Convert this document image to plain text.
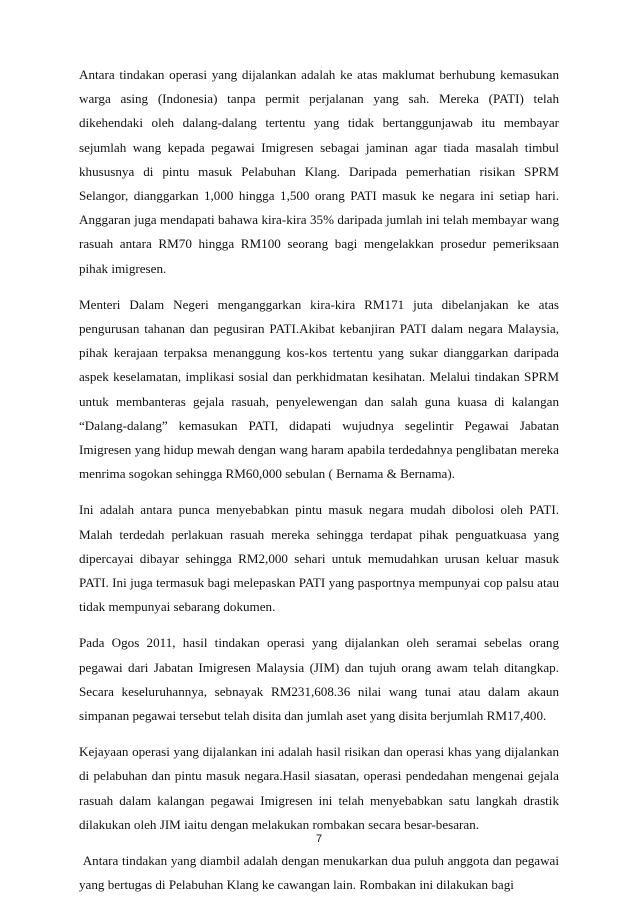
Antara tindakan operasi yang dijalankan adalah ke atas maklumat berhubung kemasukan warga asing (Indonesia) tanpa permit perjalanan yang sah. Mereka (PATI) telah dikehendaki oleh dalang-dalang tertentu yang tidak bertanggunjawab itu membayar sejumlah wang kepada pegawai Imigresen sebagai jaminan agar tiada masalah timbul khususnya di pintu masuk Pelabuhan Klang. Daripada pemerhatian risikan SPRM Selangor, dianggarkan 1,000 hingga 1,500 orang PATI masuk ke negara ini setiap hari. Anggaran juga mendapati bahawa kira-kira 35% daripada jumlah ini telah membayar wang rasuah antara RM70 hingga RM100 seorang bagi mengelakkan prosedur pemeriksaan pihak imigresen.

Menteri Dalam Negeri menganggarkan kira-kira RM171 juta dibelanjakan ke atas pengurusan tahanan dan pegusiran PATI.Akibat kebanjiran PATI dalam negara Malaysia, pihak kerajaan terpaksa menanggung kos-kos tertentu yang sukar dianggarkan daripada aspek keselamatan, implikasi sosial dan perkhidmatan kesihatan. Melalui tindakan SPRM untuk membanteras gejala rasuah, penyelewengan dan salah guna kuasa di kalangan “Dalang-dalang” kemasukan PATI, didapati wujudnya segelintir Pegawai Jabatan Imigresen yang hidup mewah dengan wang haram apabila terdedahnya penglibatan mereka menrima sogokan sehingga RM60,000 sebulan ( Bernama & Bernama).

Ini adalah antara punca menyebabkan pintu masuk negara mudah dibolosi oleh PATI. Malah terdedah perlakuan rasuah mereka sehingga terdapat pihak penguatkuasa yang dipercayai dibayar sehingga RM2,000 sehari untuk memudahkan urusan keluar masuk PATI. Ini juga termasuk bagi melepaskan PATI yang pasportnya mempunyai cop palsu atau tidak mempunyai sebarang dokumen.

Pada Ogos 2011, hasil tindakan operasi yang dijalankan oleh seramai sebelas orang pegawai dari Jabatan Imigresen Malaysia (JIM) dan tujuh orang awam telah ditangkap. Secara keseluruhannya, sebnayak RM231,608.36 nilai wang tunai atau dalam akaun simpanan pegawai tersebut telah disita dan jumlah aset yang disita berjumlah RM17,400.

Kejayaan operasi yang dijalankan ini adalah hasil risikan dan operasi khas yang dijalankan di pelabuhan dan pintu masuk negara.Hasil siasatan, operasi pendedahan mengenai gejala rasuah dalam kalangan pegawai Imigresen ini telah menyebabkan satu langkah drastik dilakukan oleh JIM iaitu dengan melakukan rombakan secara besar-besaran.

Antara tindakan yang diambil adalah dengan menukarkan dua puluh anggota dan pegawai yang bertugas di Pelabuhan Klang ke cawangan lain. Rombakan ini dilakukan bagi

7
